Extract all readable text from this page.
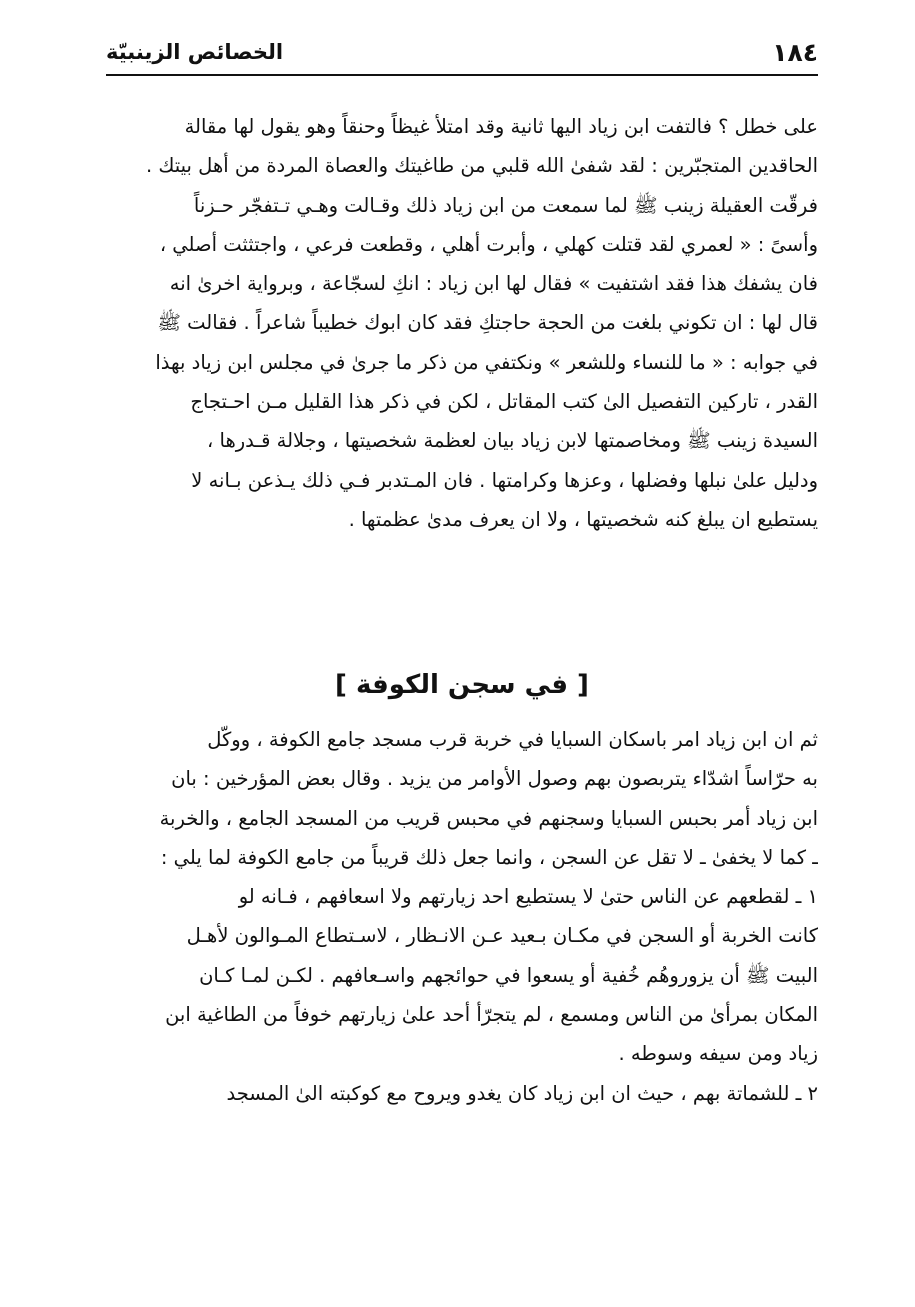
١٨٤
الخصائص الزينبيّة
على خطل ؟ فالتفت ابن زياد اليها ثانية وقد امتلأ غيظاً وحنقاً وهو يقول لها مقالة
الحاقدين المتجبّرين : لقد شفىٰ الله قلبي من طاغيتك والعصاة المردة من أهل بيتك .
فرقّت العقيلة زينب ﷺ لما سمعت من ابن زياد ذلك وقـالت وهـي تـتفجّر حـزناً
وأسىً : « لعمري لقد قتلت كهلي ، وأبرت أهلي ، وقطعت فرعي ، واجتثثت أصلي ،
فان يشفك هذا فقد اشتفيت » فقال لها ابن زياد : انكِ لسجّاعة ، وبرواية اخرىٰ انه
قال لها : ان تكوني بلغت من الحجة حاجتكِ فقد كان ابوك خطيباً شاعراً . فقالت ﷺ
في جوابه : « ما للنساء وللشعر » ونكتفي من ذكر ما جرىٰ في مجلس ابن زياد بهذا
القدر ، تاركين التفصيل الىٰ كتب المقاتل ، لكن في ذكر هذا القليل مـن احـتجاج
السيدة زينب ﷺ ومخاصمتها لابن زياد بيان لعظمة شخصيتها ، وجلالة قـدرها ،
ودليل علىٰ نبلها وفضلها ، وعزها وكرامتها . فان المـتدبر فـي ذلك يـذعن بـانه لا
يستطيع ان يبلغ كنه شخصيتها ، ولا ان يعرف مدىٰ عظمتها .
[ في سجن الكوفة ]
ثم ان ابن زياد امر باسكان السبايا في خربة قرب مسجد جامع الكوفة ، ووكّل
به حرّاساً اشدّاء يتربصون بهم وصول الأوامر من يزيد . وقال بعض المؤرخين : بان
ابن زياد أمر بحبس السبايا وسجنهم في محبس قريب من المسجد الجامع ، والخربة
ـ كما لا يخفىٰ ـ لا تقل عن السجن ، وانما جعل ذلك قريباً من جامع الكوفة لما يلي :
١ ـ لقطعهم عن الناس حتىٰ لا يستطيع احد زيارتهم ولا اسعافهم ، فـانه لو
كانت الخربة أو السجن في مكـان بـعيد عـن الانـظار ، لاسـتطاع المـوالون لأهـل
البيت ﷺ أن يزوروهُم خُفية أو يسعوا في حوائجهم واسـعافهم . لكـن لمـا كـان
المكان بمرأىٰ من الناس ومسمع ، لم يتجرّأ أحد علىٰ زيارتهم خوفاً من الطاغية ابن
زياد ومن سيفه وسوطه .
٢ ـ للشماتة بهم ، حيث ان ابن زياد كان يغدو ويروح مع كوكبته الىٰ المسجد
